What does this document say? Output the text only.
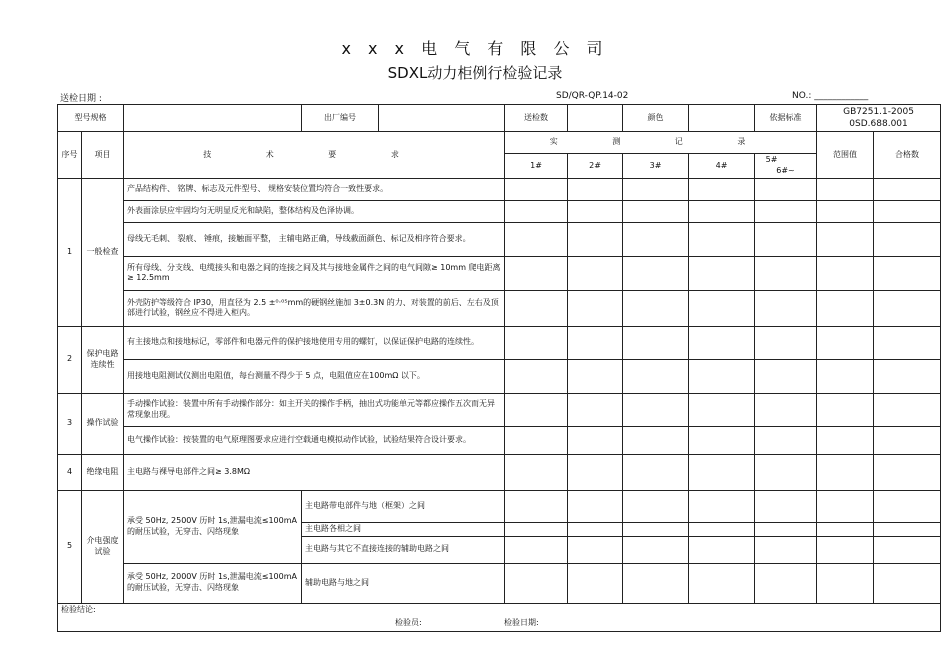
x x x 电 气 有 限 公 司
SDXL动力柜例行检验记录
送检日期 :	SD/QR-QP.14-02	NO.: ____________
型号规格			出厂编号		送检数		颜色		依据标准	GB7251.1-2005 0SD.688.001	
序号	项目	技 术 要 求			实 测 记 录					范围值	合格数
					1#	2#	3#	4#	5#            6#~		
1	一般检查	产品结构件、 铭牌、标志及元件型号、 规格安装位置均符合一致性要求。									
		外表面涂层应牢固均匀无明显反光和缺陷，整体结构及色泽协调。									
		母线无毛刺、 裂痕、 锤痕，接触面平整， 主辅电路正确，导线截面颜色、标记及相序符合要求。									
		所有母线、分支线、电缆接头和电器之间的连接之间及其与接地金属件之间的电气间隙≥ 10mm 爬电距离≥ 12.5mm									
		外壳防护等级符合 IP30，用直径为 2.5 ±⁰·⁰⁵mm的硬钢丝施加 3±0.3N 的力、对装置的前后、左右及顶部进行试验，钢丝应不得进入柜内。									
2	保护电路连续性	有主接地点和接地标记，零部件和电器元件的保护接地使用专用的螺钉，以保证保护电路的连续性。									
		用接地电阻测试仪测出电阻值，每台测量不得少于 5 点，电阻值应在100mΩ 以下。									
3	操作试验	手动操作试验：装置中所有手动操作部分：如主开关的操作手柄，抽出式功能单元等都应操作五次而无异常现象出现。									
		电气操作试验：按装置的电气原理图要求应进行空载通电模拟动作试验，试验结果符合设计要求。									
4	绝缘电阻	主电路与裸导电部件之间≥ 3.8MΩ									
5	介电强度试验	承受 50Hz, 2500V 历时 1s,泄漏电流≤100mA 的耐压试验，无穿击、闪络现象	主电路带电部件与地（框架）之间								
			主电路各相之间								
			主电路与其它不直接连接的辅助电路之间								
		承受 50Hz, 2000V 历时 1s,泄漏电流≤100mA 的耐压试验，无穿击、闪络现象	辅助电路与地之间								
检验结论:
检验员: 检验日期:											
